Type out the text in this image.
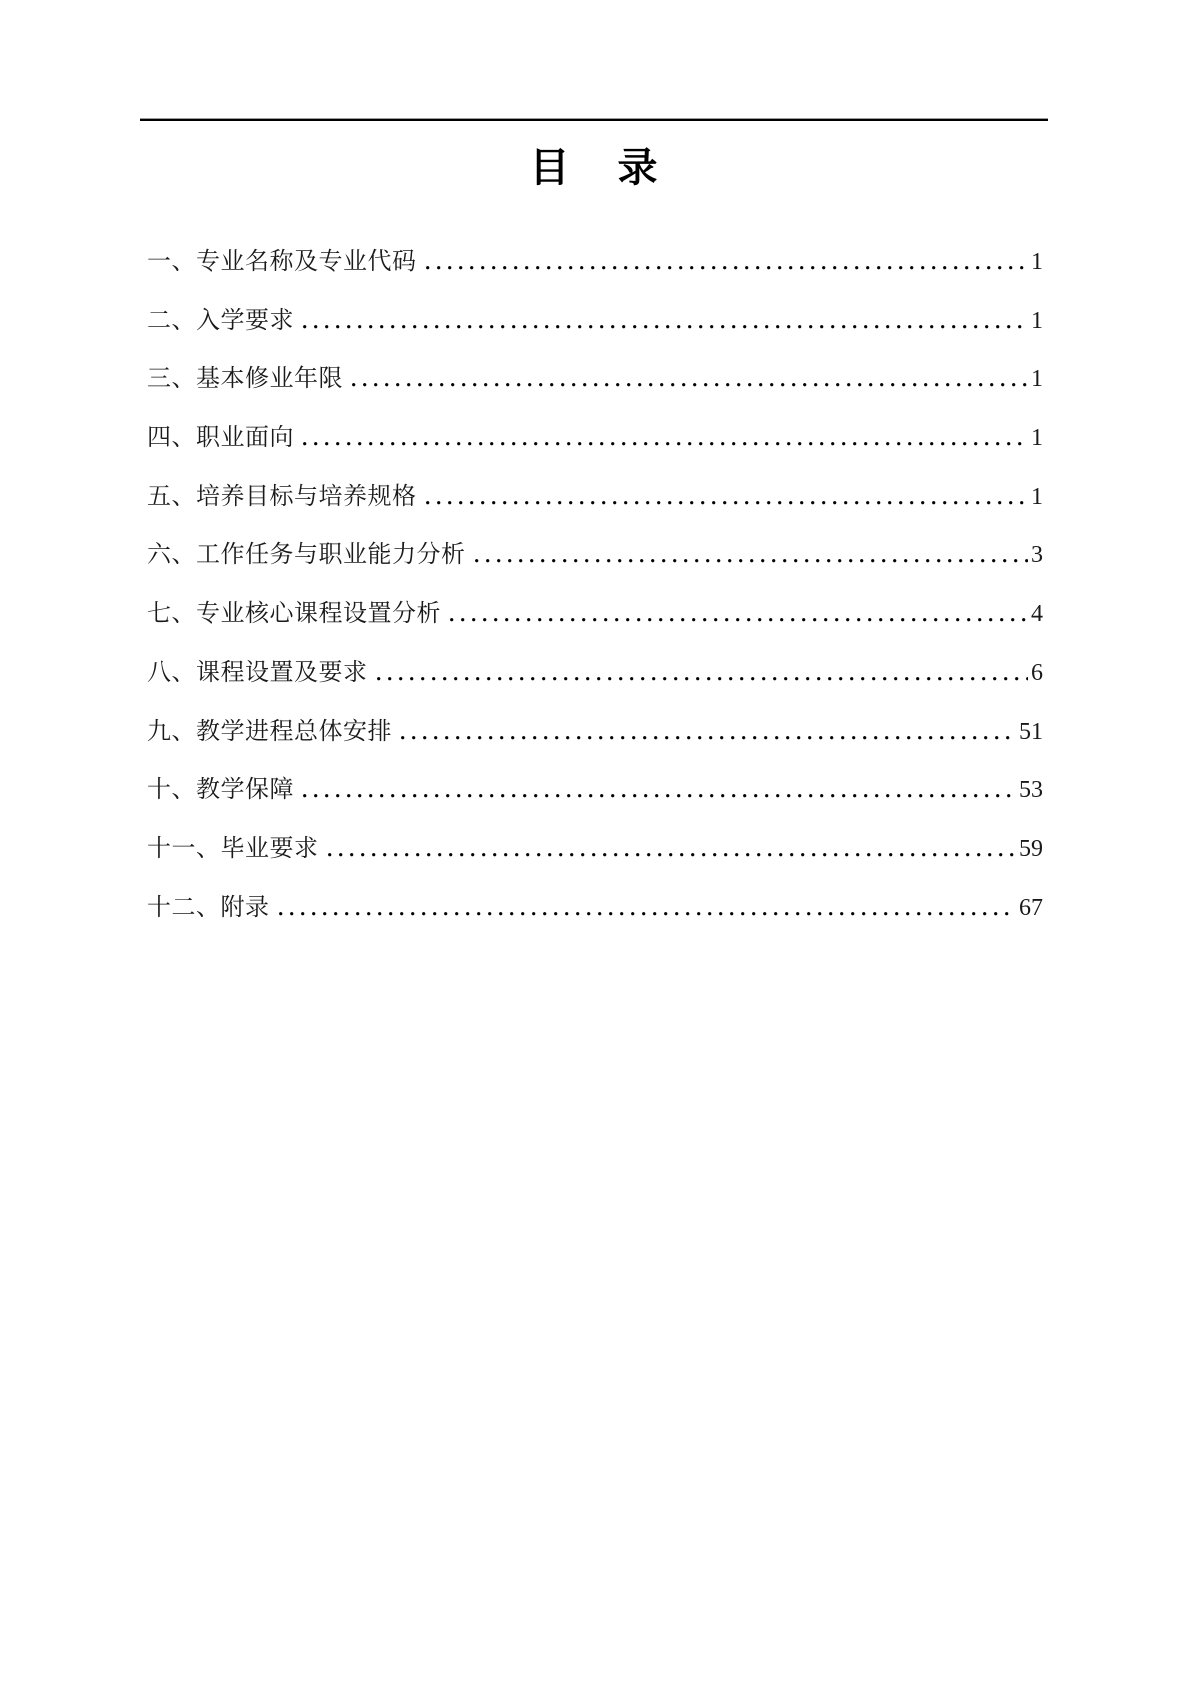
目　录
一、专业名称及专业代码	1
二、入学要求	1
三、基本修业年限	1
四、职业面向	1
五、培养目标与培养规格	1
六、工作任务与职业能力分析	3
七、专业核心课程设置分析	4
八、课程设置及要求	6
九、教学进程总体安排	51
十、教学保障	53
十一、毕业要求	59
十二、附录	67
